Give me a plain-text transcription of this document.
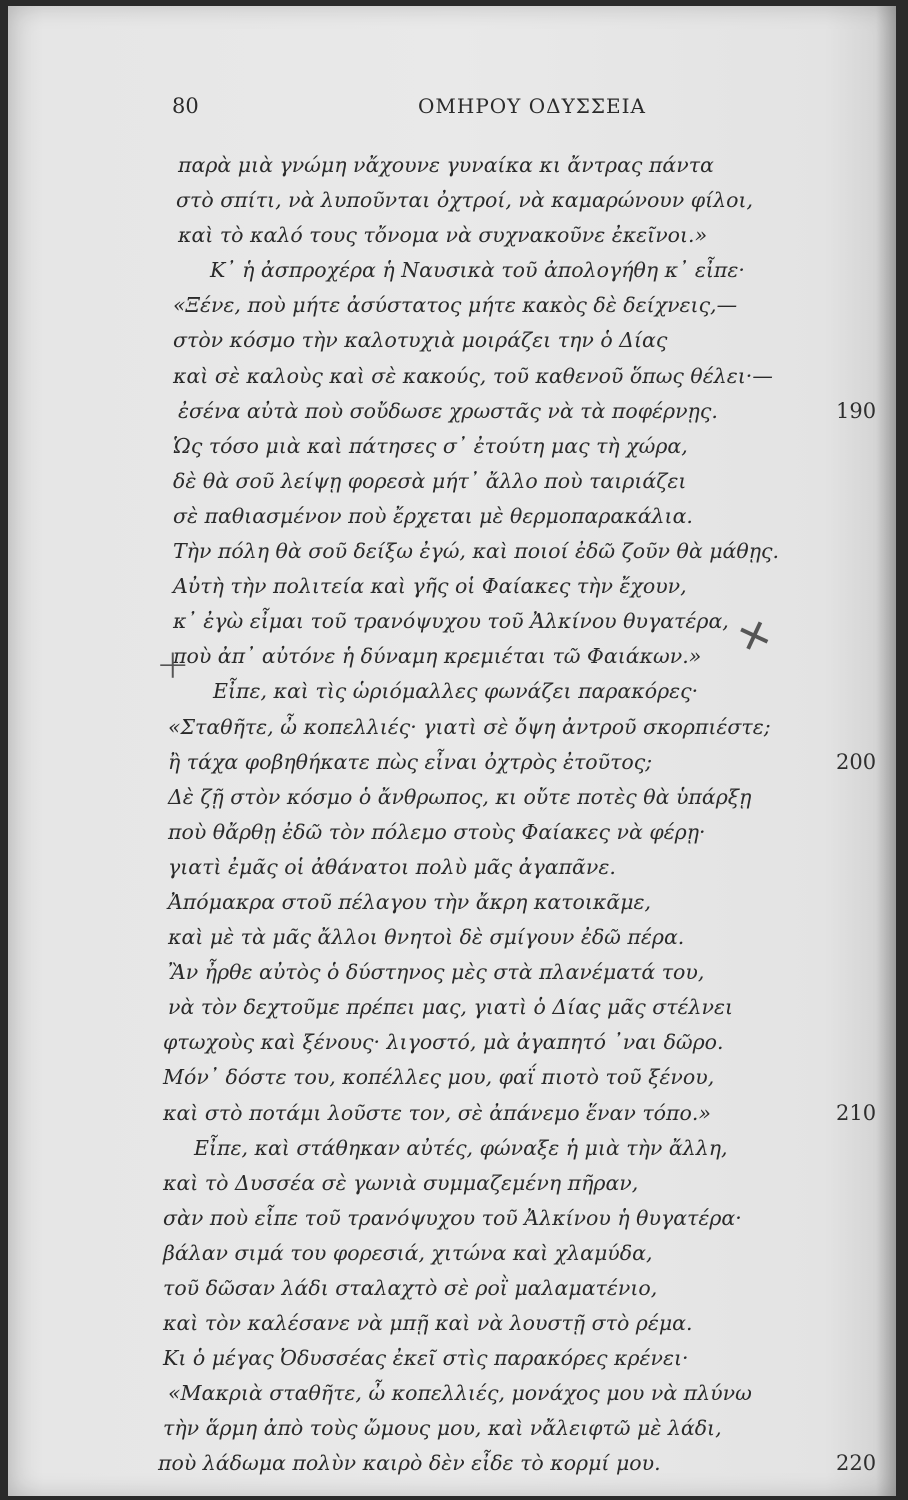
80	ΟΜΗΡΟΥ ΟΔΥΣΣΕΙΑ
παρὰ μιὰ γνώμη νἄχουνε γυναίκα κι ἄντρας πάντα
στὸ σπίτι, νὰ λυποῦνται ὀχτροί, νὰ καμαρώνουν φίλοι,
καὶ τὸ καλό τους τὄνομα νὰ συχνακοῦνε ἐκεῖνοι.»
Κ᾽ ἡ ἀσπροχέρα ἡ Ναυσικὰ τοῦ ἀπολογήθη κ᾽ εἶπε·
«Ξένε, ποὺ μήτε ἀσύστατος μήτε κακὸς δὲ δείχνεις,—
στὸν κόσμο τὴν καλοτυχιὰ μοιράζει την ὁ Δίας
καὶ σὲ καλοὺς καὶ σὲ κακούς, τοῦ καθενοῦ ὅπως θέλει·—
ἐσένα αὐτὰ ποὺ σοὔδωσε χρωστᾶς νὰ τὰ ποφέρνῃς.	190
Ὡς τόσο μιὰ καὶ πάτησες σ᾽ ἐτούτη μας τὴ χώρα,
δὲ θὰ σοῦ λείψῃ φορεσὰ μήτ᾽ ἄλλο ποὺ ταιριάζει
σὲ παθιασμένον ποὺ ἔρχεται μὲ θερμοπαρακάλια.
Τὴν πόλη θὰ σοῦ δείξω ἐγώ, καὶ ποιοί ἐδῶ ζοῦν θὰ μάθῃς.
Αὐτὴ τὴν πολιτεία καὶ γῆς οἱ Φαίακες τὴν ἔχουν,
κ᾽ ἐγὼ εἶμαι τοῦ τρανόψυχου τοῦ Ἀλκίνου θυγατέρα,
ποὺ ἀπ᾽ αὐτόνε ἡ δύναμη κρεμιέται τῶ Φαιάκων.»
Εἶπε, καὶ τὶς ὡριόμαλλες φωνάζει παρακόρες·
«Σταθῆτε, ὦ κοπελλιές· γιατὶ σὲ ὄψη ἀντροῦ σκορπιέστε;
ἢ τάχα φοβηθήκατε πὼς εἶναι ὀχτρὸς ἐτοῦτος;	200
Δὲ ζῇ στὸν κόσμο ὁ ἄνθρωπος, κι οὔτε ποτὲς θὰ ὑπάρξῃ
ποὺ θἄρθῃ ἐδῶ τὸν πόλεμο στοὺς Φαίακες νὰ φέρῃ·
γιατὶ ἐμᾶς οἱ ἀθάνατοι πολὺ μᾶς ἀγαπᾶνε.
Ἀπόμακρα στοῦ πέλαγου τὴν ἄκρη κατοικᾶμε,
καὶ μὲ τὰ μᾶς ἄλλοι θνητοὶ δὲ σμίγουν ἐδῶ πέρα.
Ἂν ἦρθε αὐτὸς ὁ δύστηνος μὲς στὰ πλανέματά του,
νὰ τὸν δεχτοῦμε πρέπει μας, γιατὶ ὁ Δίας μᾶς στέλνει
φτωχοὺς καὶ ξένους· λιγοστό, μὰ ἀγαπητό ᾽ναι δῶρο.
Μόν᾽ δόστε του, κοπέλλες μου, φαΐ πιοτὸ τοῦ ξένου,
καὶ στὸ ποτάμι λοῦστε τον, σὲ ἀπάνεμο ἕναν τόπο.»	210
Εἶπε, καὶ στάθηκαν αὐτές, φώναξε ἡ μιὰ τὴν ἄλλη,
καὶ τὸ Δυσσέα σὲ γωνιὰ συμμαζεμένη πῆραν,
σὰν ποὺ εἶπε τοῦ τρανόψυχου τοῦ Ἀλκίνου ἡ θυγατέρα·
βάλαν σιμά του φορεσιά, χιτώνα καὶ χλαμύδα,
τοῦ δῶσαν λάδι σταλαχτὸ σὲ ροῒ μαλαματένιο,
καὶ τὸν καλέσανε νὰ μπῇ καὶ νὰ λουστῇ στὸ ρέμα.
Κι ὁ μέγας Ὀδυσσέας ἐκεῖ στὶς παρακόρες κρένει·
«Μακριὰ σταθῆτε, ὦ κοπελλιές, μονάχος μου νὰ πλύνω
τὴν ἅρμη ἀπὸ τοὺς ὤμους μου, καὶ νἄλειφτῶ μὲ λάδι,
ποὺ λάδωμα πολὺν καιρὸ δὲν εἶδε τὸ κορμί μου.	220
✕
+
